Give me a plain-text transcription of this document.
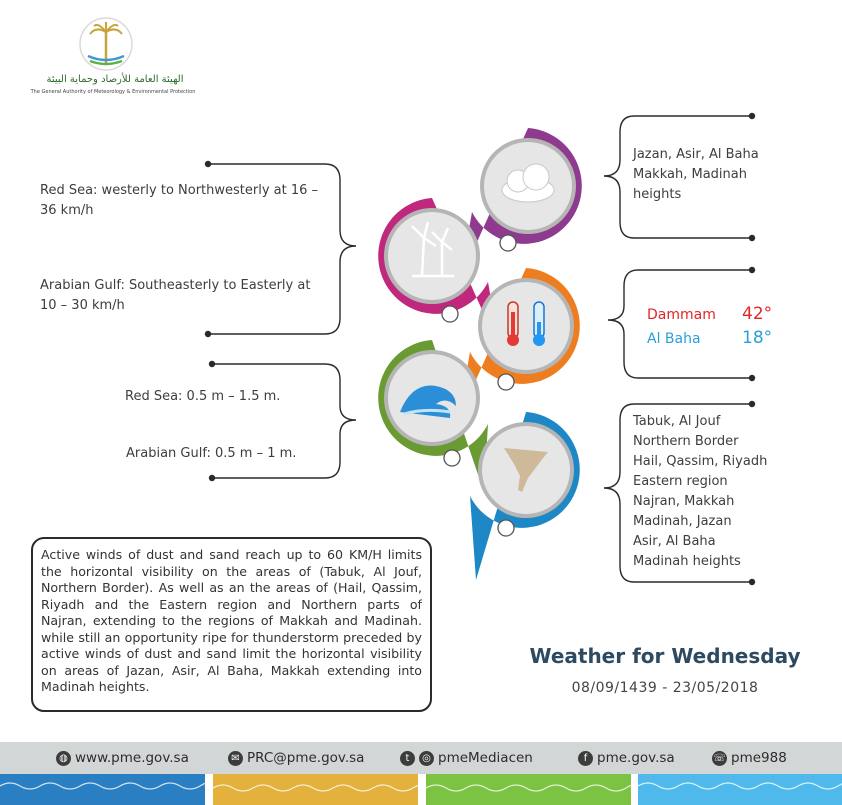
الهيئة العامة للأرصاد وحماية البيئة
The General Authority of Meteorology & Environmental Protection
Red Sea: westerly to Northwesterly at 16 – 36 km/h
Arabian Gulf: Southeasterly to Easterly at 10 – 30 km/h
Red Sea: 0.5 m – 1.5 m.
Arabian Gulf: 0.5 m – 1 m.
Jazan, Asir, Al Baha
Makkah, Madinah
heights
Dammam 42°
Al Baha 18°
Tabuk, Al Jouf
Northern Border
Hail, Qassim, Riyadh
Eastern region
Najran, Makkah
Madinah, Jazan
Asir, Al Baha
Madinah heights
Active winds of dust and sand reach up to 60 KM/H limits the horizontal visibility on the areas of (Tabuk, Al Jouf, Northern Border). As well as an the areas of (Hail, Qassim, Riyadh and the Eastern region and Northern parts of Najran, extending to the regions of Makkah and Madinah. while still an opportunity ripe for thunderstorm preceded by active winds of dust and sand limit the horizontal visibility on areas of Jazan, Asir, Al Baha, Makkah extending into Madinah heights.
Weather for Wednesday
08/09/1439 - 23/05/2018
◍ www.pme.gov.sa	✉ PRC@pme.gov.sa	t	◎ pmeMediacen	f pme.gov.sa	☏ pme988
